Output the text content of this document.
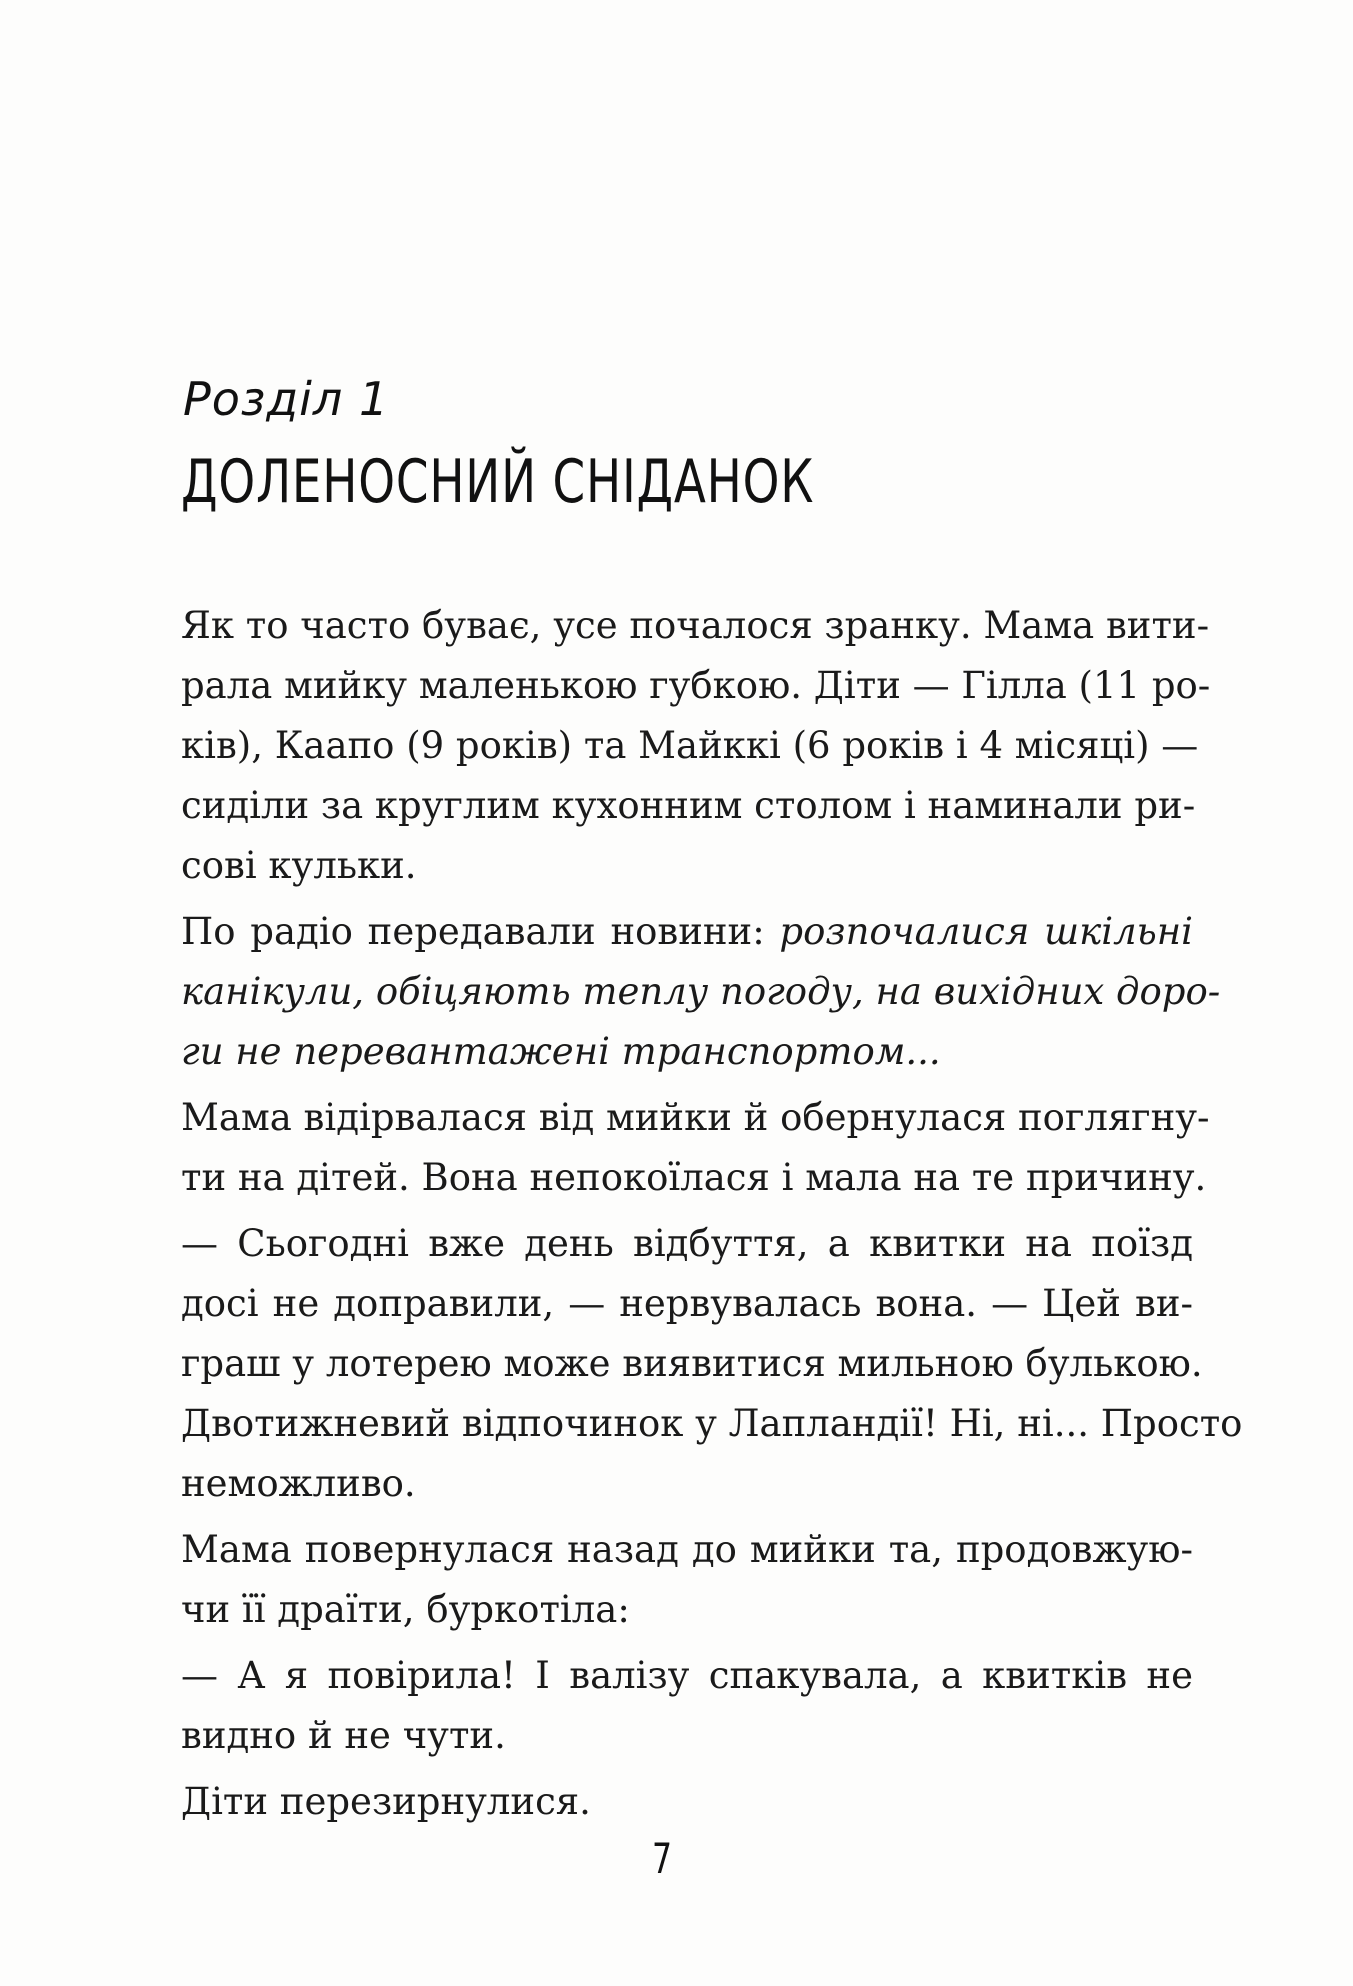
Розділ 1
ДОЛЕНОСНИЙ СНІДАНОК
Як то часто буває, усе почалося зранку. Мама вити-
рала мийку маленькою губкою. Діти — Гілла (11 ро-
ків), Каапо (9 років) та Майккі (6 років і 4 місяці) —
сиділи за круглим кухонним столом і наминали ри-
сові кульки.
По радіо передавали новини: розпочалися шкільні
канікули, обіцяють теплу погоду, на вихідних доро-
ги не перевантажені транспортом...
Мама відірвалася від мийки й обернулася поглягну-
ти на дітей. Вона непокоїлася і мала на те причину.
— Сьогодні вже день відбуття, а квитки на поїзд
досі не доправили, — нервувалась вона. — Цей ви-
граш у лотерею може виявитися мильною булькою.
Двотижневий відпочинок у Лапландії! Ні, ні... Просто
неможливо.
Мама повернулася назад до мийки та, продовжую-
чи її драїти, буркотіла:
— А я повірила! І валізу спакувала, а квитків не
видно й не чути.
Діти перезирнулися.
7
